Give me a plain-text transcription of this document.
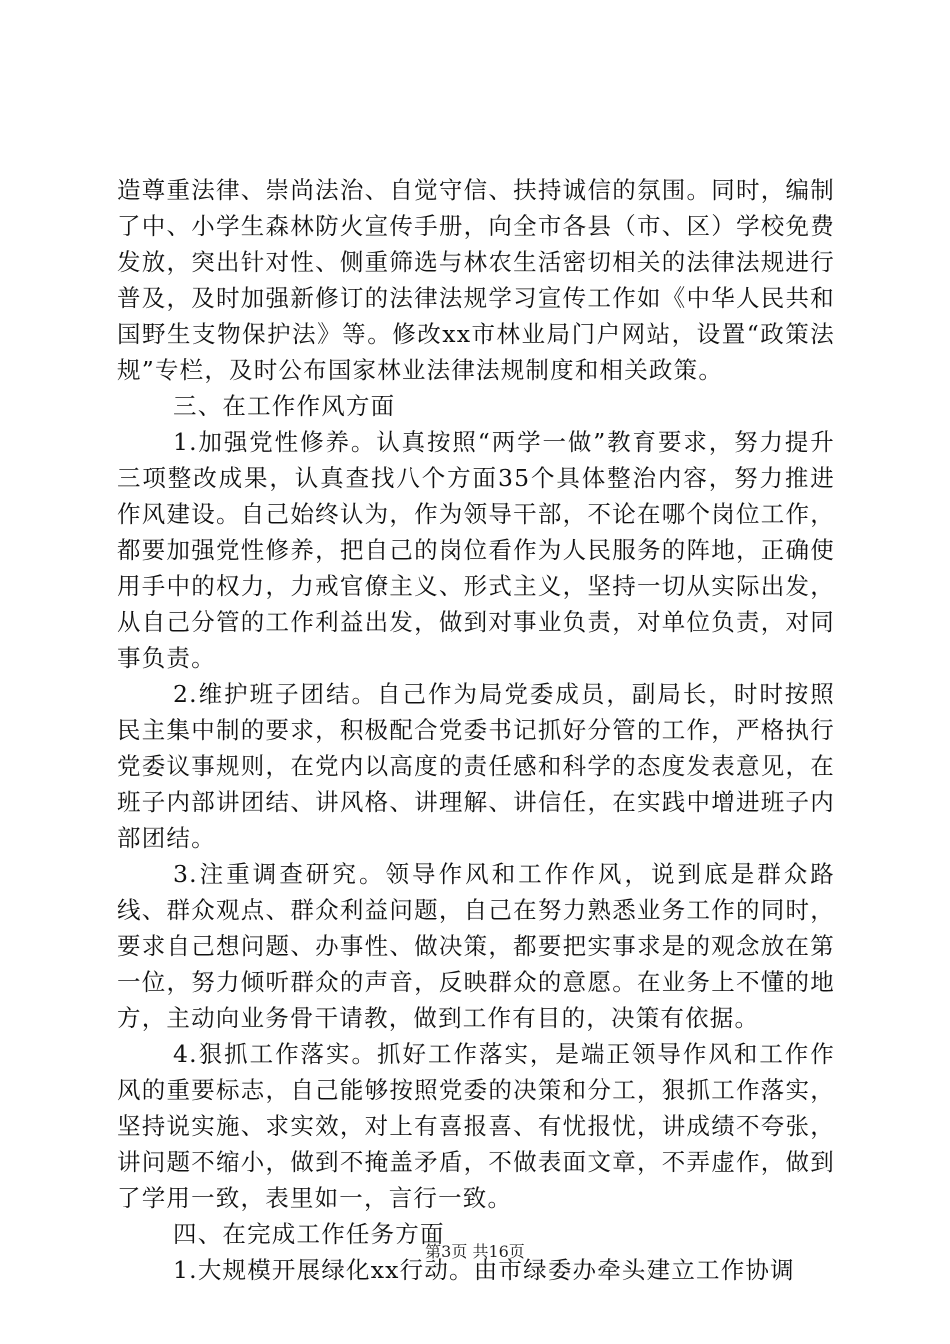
造尊重法律、崇尚法治、自觉守信、扶持诚信的氛围。同时，编制了中、小学生森林防火宣传手册，向全市各县（市、区）学校免费发放，突出针对性、侧重筛选与林农生活密切相关的法律法规进行普及，及时加强新修订的法律法规学习宣传工作如《中华人民共和国野生支物保护法》等。修改xx市林业局门户网站，设置“政策法规”专栏，及时公布国家林业法律法规制度和相关政策。

三、在工作作风方面

1.加强党性修养。认真按照“两学一做”教育要求，努力提升三项整改成果，认真查找八个方面35个具体整治内容，努力推进作风建设。自己始终认为，作为领导干部，不论在哪个岗位工作，都要加强党性修养，把自己的岗位看作为人民服务的阵地，正确使用手中的权力，力戒官僚主义、形式主义，坚持一切从实际出发，从自己分管的工作利益出发，做到对事业负责，对单位负责，对同事负责。

2.维护班子团结。自己作为局党委成员，副局长，时时按照民主集中制的要求，积极配合党委书记抓好分管的工作，严格执行党委议事规则，在党内以高度的责任感和科学的态度发表意见，在班子内部讲团结、讲风格、讲理解、讲信任，在实践中增进班子内部团结。

3.注重调查研究。领导作风和工作作风，说到底是群众路线、群众观点、群众利益问题，自己在努力熟悉业务工作的同时，要求自己想问题、办事性、做决策，都要把实事求是的观念放在第一位，努力倾听群众的声音，反映群众的意愿。在业务上不懂的地方，主动向业务骨干请教，做到工作有目的，决策有依据。

4.狠抓工作落实。抓好工作落实，是端正领导作风和工作作风的重要标志，自己能够按照党委的决策和分工，狠抓工作落实，坚持说实施、求实效，对上有喜报喜、有忧报忧，讲成绩不夸张，讲问题不缩小，做到不掩盖矛盾，不做表面文章，不弄虚作，做到了学用一致，表里如一，言行一致。

四、在完成工作任务方面

1.大规模开展绿化xx行动。由市绿委办牵头建立工作协调

第3页 共16页
